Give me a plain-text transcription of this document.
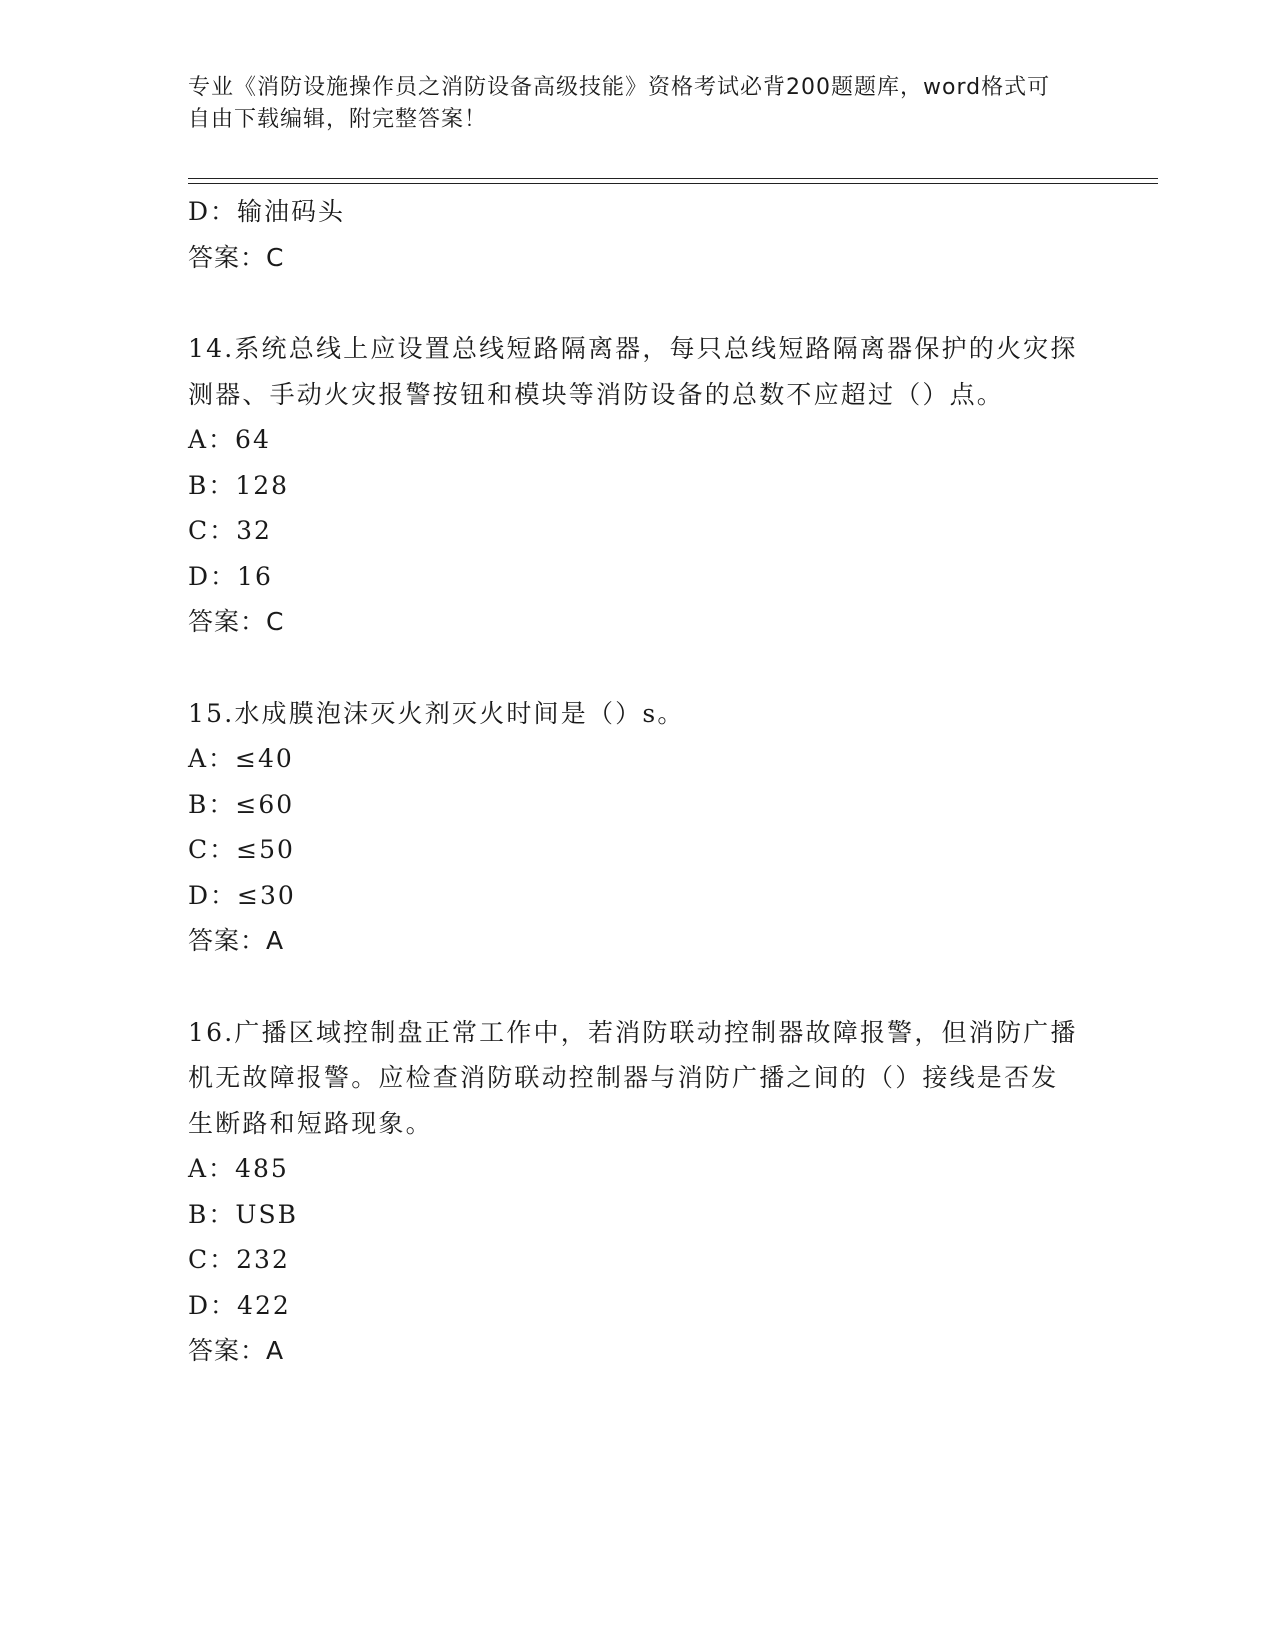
专业《消防设施操作员之消防设备高级技能》资格考试必背200题题库，word格式可自由下载编辑，附完整答案！
D：输油码头
答案：C
14.系统总线上应设置总线短路隔离器，每只总线短路隔离器保护的火灾探测器、手动火灾报警按钮和模块等消防设备的总数不应超过（）点。
A：64
B：128
C：32
D：16
答案：C
15.水成膜泡沫灭火剂灭火时间是（）s。
A：≤40
B：≤60
C：≤50
D：≤30
答案：A
16.广播区域控制盘正常工作中，若消防联动控制器故障报警，但消防广播机无故障报警。应检查消防联动控制器与消防广播之间的（）接线是否发生断路和短路现象。
A：485
B：USB
C：232
D：422
答案：A
